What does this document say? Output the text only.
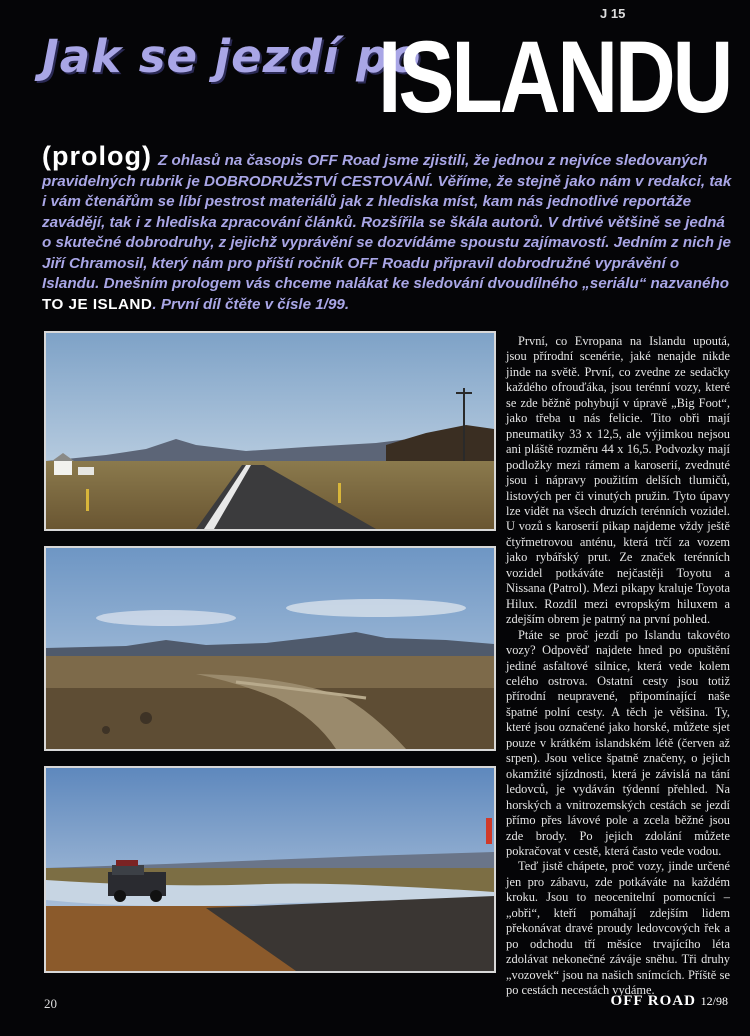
J 15
Jak se jezdí po
ISLANDU
(prolog) Z ohlasů na časopis OFF Road jsme zjistili, že jednou z nejvíce sledovaných pravidelných rubrik je DOBRODRUŽSTVÍ CESTOVÁNÍ. Věříme, že stejně jako nám v redakci, tak i vám čtenářům se líbí pestrost materiálů jak z hlediska míst, kam nás jednotlivé reportáže zavádějí, tak i z hlediska zpracování článků. Rozšířila se škála autorů. V drtivé většině se jedná o skutečné dobrodruhy, z jejichž vyprávění se dozvídáme spoustu zajímavostí. Jedním z nich je Jiří Chramosil, který nám pro příští ročník OFF Roadu připravil dobrodružné vyprávění o Islandu. Dnešním prologem vás chceme nalákat ke sledování dvoudílného „seriálu“ nazvaného TO JE ISLAND. První díl čtěte v čísle 1/99.

První, co Evropana na Islandu upoutá, jsou přírodní scenérie, jaké nenajde nikde jinde na světě. První, co zvedne ze sedačky každého ofrouďáka, jsou terénní vozy, které se zde běžně pohybují v úpravě „Big Foot“, jako třeba u nás felicie. Tito obři mají pneumatiky 33 x 12,5, ale výjimkou nejsou ani pláště rozměru 44 x 16,5. Podvozky mají podložky mezi rámem a karoserií, zvednuté jsou i nápravy použitím delších tlumičů, listových per či vinutých pružin. Tyto úpavy lze vidět na všech druzích terénních vozidel. U vozů s karoserií pikap najdeme vždy ještě čtyřmetrovou anténu, která trčí za vozem jako rybářský prut. Ze značek terénních vozidel potkáváte nejčastěji Toyotu a Nissana (Patrol). Mezi pikapy kraluje Toyota Hilux. Rozdíl mezi evropským hiluxem a zdejším obrem je patrný na první pohled.

Ptáte se proč jezdí po Islandu takovéto vozy? Odpověď najdete hned po opuštění jediné asfaltové silnice, která vede kolem celého ostrova. Ostatní cesty jsou totiž přírodní neupravené, připomínající naše špatné polní cesty. A těch je většina. Ty, které jsou označené jako horské, můžete sjet pouze v krátkém islandském létě (červen až srpen). Jsou velice špatně značeny, o jejich okamžité sjízdnosti, která je závislá na tání ledovců, je vydáván týdenní přehled. Na horských a vnitrozemských cestách se jezdí přímo přes lávové pole a zcela běžné jsou zde brody. Po jejich zdolání můžete pokračovat v cestě, která často vede vodou.

Teď jistě chápete, proč vozy, jinde určené jen pro zábavu, zde potkáváte na každém kroku. Jsou to neocenitelní pomocníci – „obři“, kteří pomáhají zdejším lidem překonávat dravé proudy ledovcových řek a po odchodu tří měsíce trvajícího léta zdolávat nekonečné záváje sněhu. Tři druhy „vozovek“ jsou na našich snímcích. Příště se po cestách necestách vydáme.

20	OFF ROAD 12/98
